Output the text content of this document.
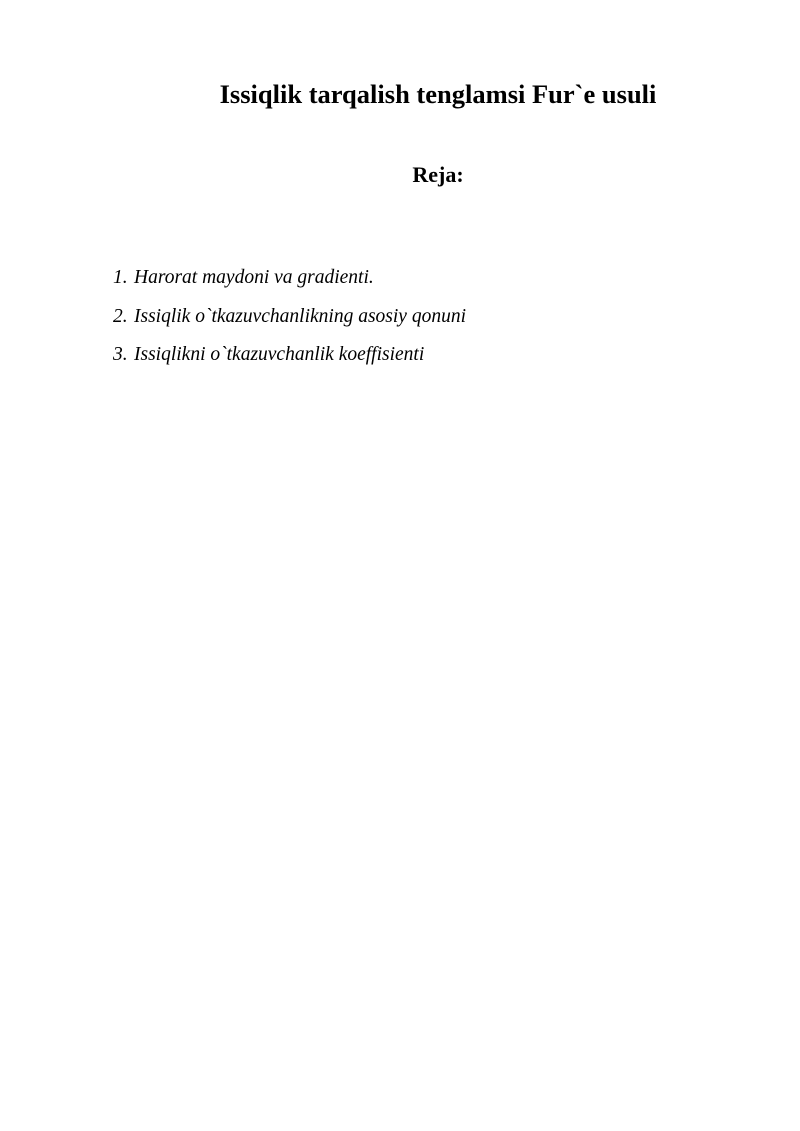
Issiqlik tarqalish tenglamsi Fur`e usuli
Reja:
1. Harorat maydoni va gradienti.
2. Issiqlik o`tkazuvchanlikning asosiy qonuni
3. Issiqlikni o`tkazuvchanlik koeffisienti
